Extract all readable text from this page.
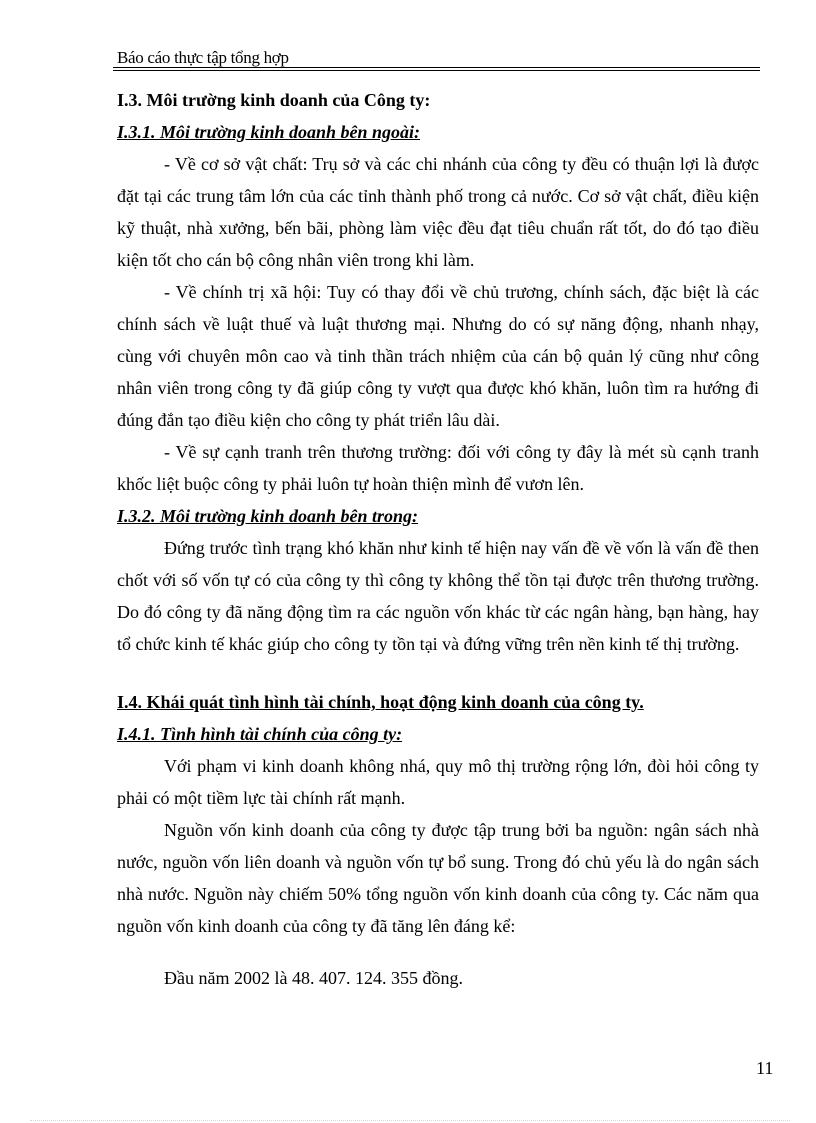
Báo cáo thực tập tổng hợp

I.3. Môi trường kinh doanh của Công ty:

I.3.1. Môi trường kinh doanh bên ngoài:

- Về cơ sở vật chất: Trụ sở và các chi nhánh của công ty đều có thuận lợi là được đặt tại các trung tâm lớn của các tỉnh thành phố trong cả nước. Cơ sở vật chất, điều kiện kỹ thuật, nhà xưởng, bến bãi, phòng làm việc đều đạt tiêu chuẩn rất tốt, do đó tạo điều kiện tốt cho cán bộ công nhân viên trong khi làm.

- Về chính trị xã hội: Tuy có thay đổi về chủ trương, chính sách, đặc biệt là các chính sách về luật thuế và luật thương mại. Nhưng do có sự năng động, nhanh nhạy, cùng với chuyên môn cao và tinh thần trách nhiệm của cán bộ quản lý cũng như công nhân viên trong công ty đã giúp công ty vượt qua được khó khăn, luôn tìm ra hướng đi đúng đắn tạo điều kiện cho công ty phát triển lâu dài.

- Về sự cạnh tranh trên thương trường: đối với công ty đây là mét sù cạnh tranh khốc liệt buộc công ty phải luôn tự hoàn thiện mình để vươn lên.

I.3.2. Môi trường kinh doanh bên trong:

Đứng trước tình trạng khó khăn như kinh tế hiện nay vấn đề về vốn là vấn đề then chốt với số vốn tự có của công ty thì công ty không thể tồn tại được trên thương trường. Do đó công ty đã năng động tìm ra các nguồn vốn khác từ các ngân hàng, bạn hàng, hay tổ chức kinh tế khác giúp cho công ty tồn tại và đứng vững trên nền kinh tế thị trường.

I.4. Khái quát tình hình tài chính, hoạt động kinh doanh của công ty.

I.4.1. Tình hình tài chính của công ty:

Với phạm vi kinh doanh không nhá, quy mô thị trường rộng lớn, đòi hỏi công ty phải có một tiềm lực tài chính rất mạnh.

Nguồn vốn kinh doanh của công ty được tập trung bởi ba nguồn: ngân sách nhà nước, nguồn vốn liên doanh và nguồn vốn tự bổ sung. Trong đó chủ yếu là do ngân sách nhà nước. Nguồn này chiếm 50% tổng nguồn vốn kinh doanh của công ty. Các năm qua nguồn vốn kinh doanh của công ty đã tăng lên đáng kể:

Đầu năm 2002 là 48. 407. 124. 355 đồng.

11
